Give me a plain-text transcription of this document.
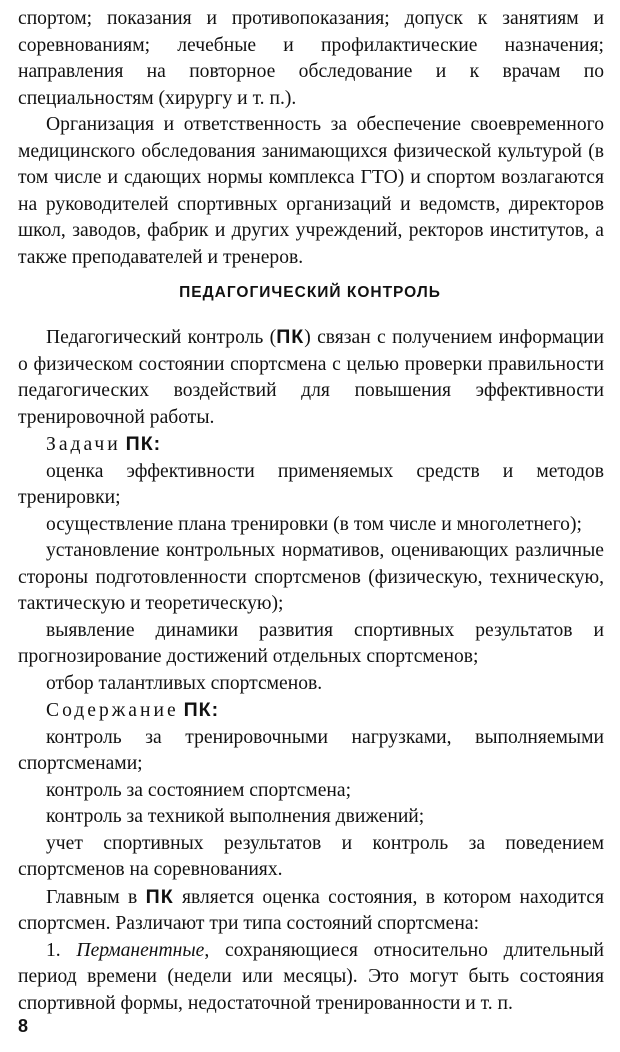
спортом; показания и противопоказания; допуск к занятиям и соревнованиям; лечебные и профилактические назначения; направления на повторное обследование и к врачам по специальностям (хирургу и т. п.).

Организация и ответственность за обеспечение своевременного медицинского обследования занимающихся физической культурой (в том числе и сдающих нормы комплекса ГТО) и спортом возлагаются на руководителей спортивных организаций и ведомств, директоров школ, заводов, фабрик и других учреждений, ректоров институтов, а также преподавателей и тренеров.

ПЕДАГОГИЧЕСКИЙ КОНТРОЛЬ

Педагогический контроль (ПК) связан с получением информации о физическом состоянии спортсмена с целью проверки правильности педагогических воздействий для повышения эффективности тренировочной работы.

Задачи ПК:

оценка эффективности применяемых средств и методов тренировки;

осуществление плана тренировки (в том числе и многолетнего);

установление контрольных нормативов, оценивающих различные стороны подготовленности спортсменов (физическую, техническую, тактическую и теоретическую);

выявление динамики развития спортивных результатов и прогнозирование достижений отдельных спортсменов;

отбор талантливых спортсменов.

Содержание ПК:

контроль за тренировочными нагрузками, выполняемыми спортсменами;

контроль за состоянием спортсмена;

контроль за техникой выполнения движений;

учет спортивных результатов и контроль за поведением спортсменов на соревнованиях.

Главным в ПК является оценка состояния, в котором находится спортсмен. Различают три типа состояний спортсмена:

1. Перманентные, сохраняющиеся относительно длительный период времени (недели или месяцы). Это могут быть состояния спортивной формы, недостаточной тренированности и т. п.

8
